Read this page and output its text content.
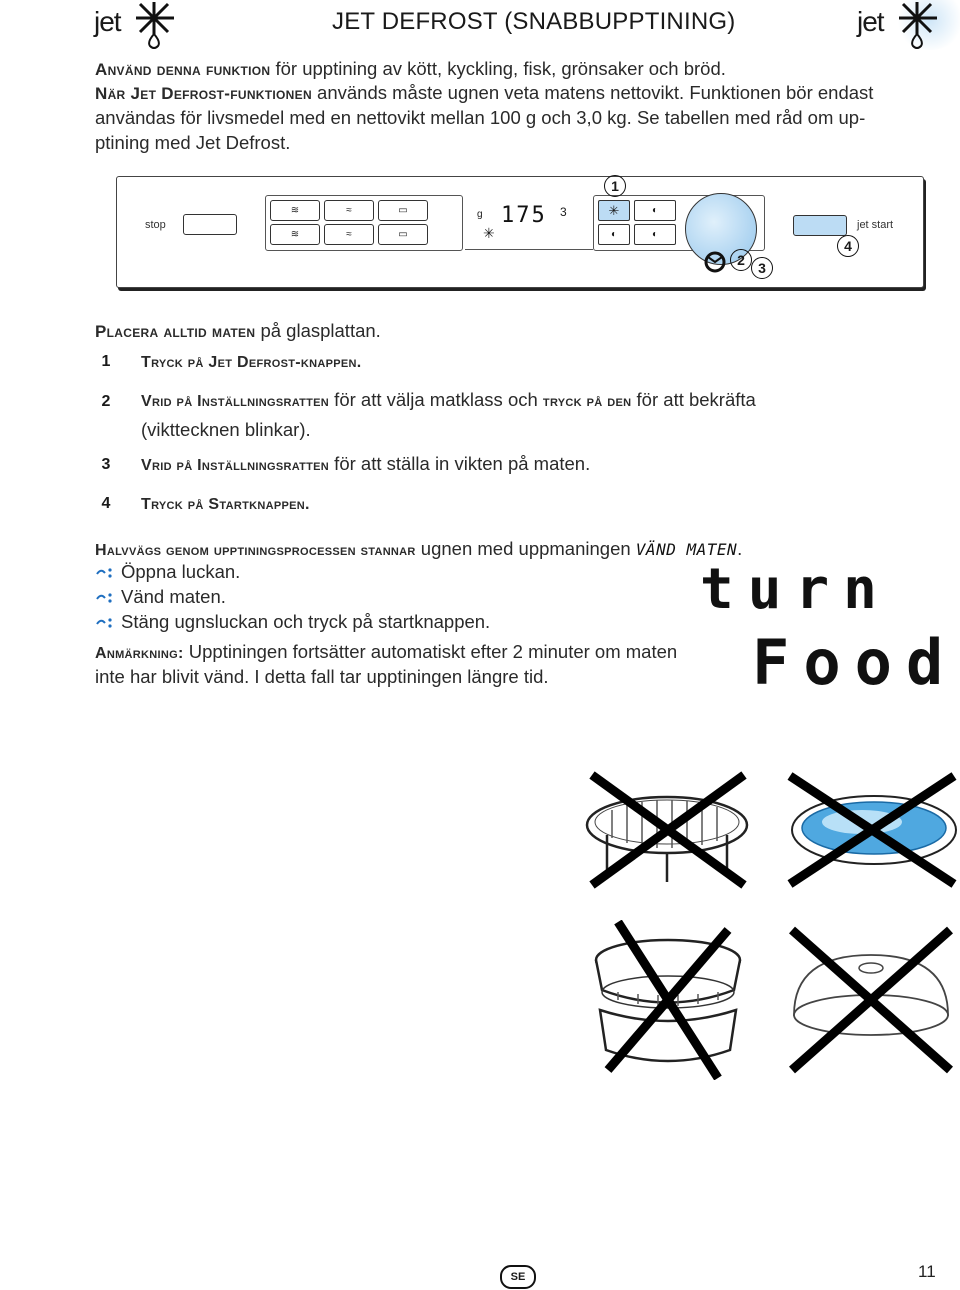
jet	JET DEFROST (SNABBUPPTINING)	jet
Använd denna funktion för upptining av kött, kyckling, fisk, grönsaker och bröd.
När Jet Defrost-funktionen används måste ugnen veta matens nettovikt. Funktionen bör endast
användas för livsmedel med en nettovikt mellan 100 g och 3,0 kg. Se tabellen med råd om up-
ptining med Jet Defrost.
stop
≋	≈	▭
≋	≈	▭
g 175 3
✳
✳	◐
◐	◐
jet start
1
2 3
4
Placera alltid maten på glasplattan.
1	Tryck på Jet Defrost-knappen.
2	Vrid på Inställningsratten för att välja matklass och tryck på den för att bekräfta
(vikttecknen blinkar).
3	Vrid på Inställningsratten för att ställa in vikten på maten.
4	Tryck på Startknappen.
Halvvägs genom upptiningsprocessen stannar ugnen med uppmaningen VÄND MATEN.
Öppna luckan.
Vänd maten.
Stäng ugnsluckan och tryck på startknappen.
Anmärkning: Upptiningen fortsätter automatiskt efter 2 minuter om maten
inte har blivit vänd. I detta fall tar upptiningen längre tid.
turn
Food
SE	11
